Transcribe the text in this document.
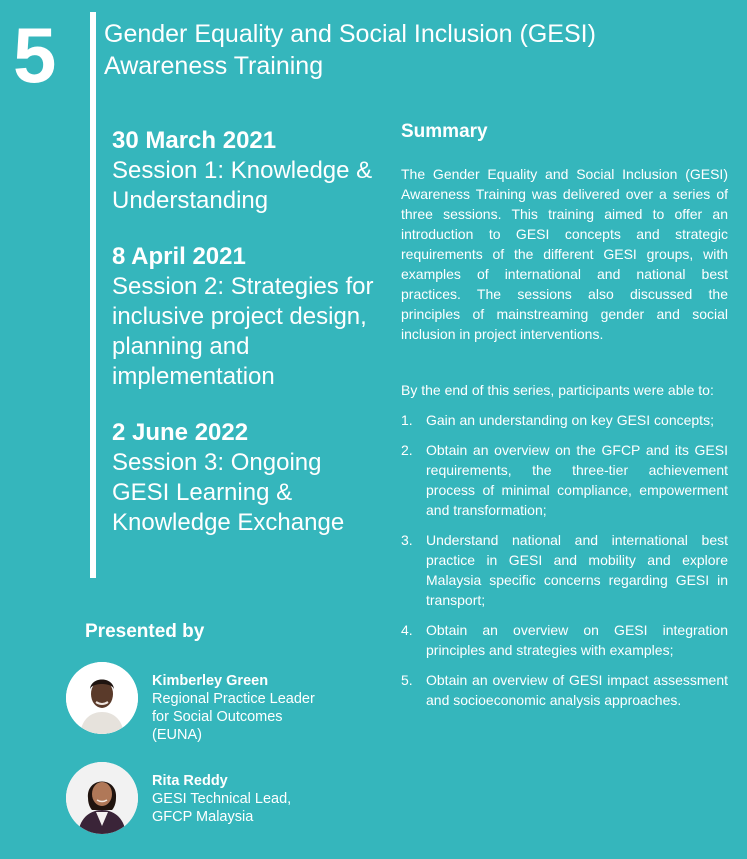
5 Gender Equality and Social Inclusion (GESI)
Awareness Training
30 March 2021
Session 1: Knowledge & Understanding
8 April 2021
Session 2: Strategies for inclusive project design, planning and implementation
2 June 2022
Session 3: Ongoing GESI Learning & Knowledge Exchange
Summary

The Gender Equality and Social Inclusion (GESI) Awareness Training was delivered over a series of three sessions. This training aimed to offer an introduction to GESI concepts and strategic requirements of the different GESI groups, with examples of international and national best practices. The sessions also discussed the principles of mainstreaming gender and social inclusion in project interventions.

By the end of this series, participants were able to:

1. Gain an understanding on key GESI concepts;
2. Obtain an overview on the GFCP and its GESI requirements, the three-tier achievement process of minimal compliance, empowerment and transformation;
3. Understand national and international best practice in GESI and mobility and explore Malaysia specific concerns regarding GESI in transport;
4. Obtain an overview on GESI integration principles and strategies with examples;
5. Obtain an overview of GESI impact assessment and socioeconomic analysis approaches.
Presented by
Kimberley Green
Regional Practice Leader
for Social Outcomes
(EUNA)
Rita Reddy
GESI Technical Lead,
GFCP Malaysia
